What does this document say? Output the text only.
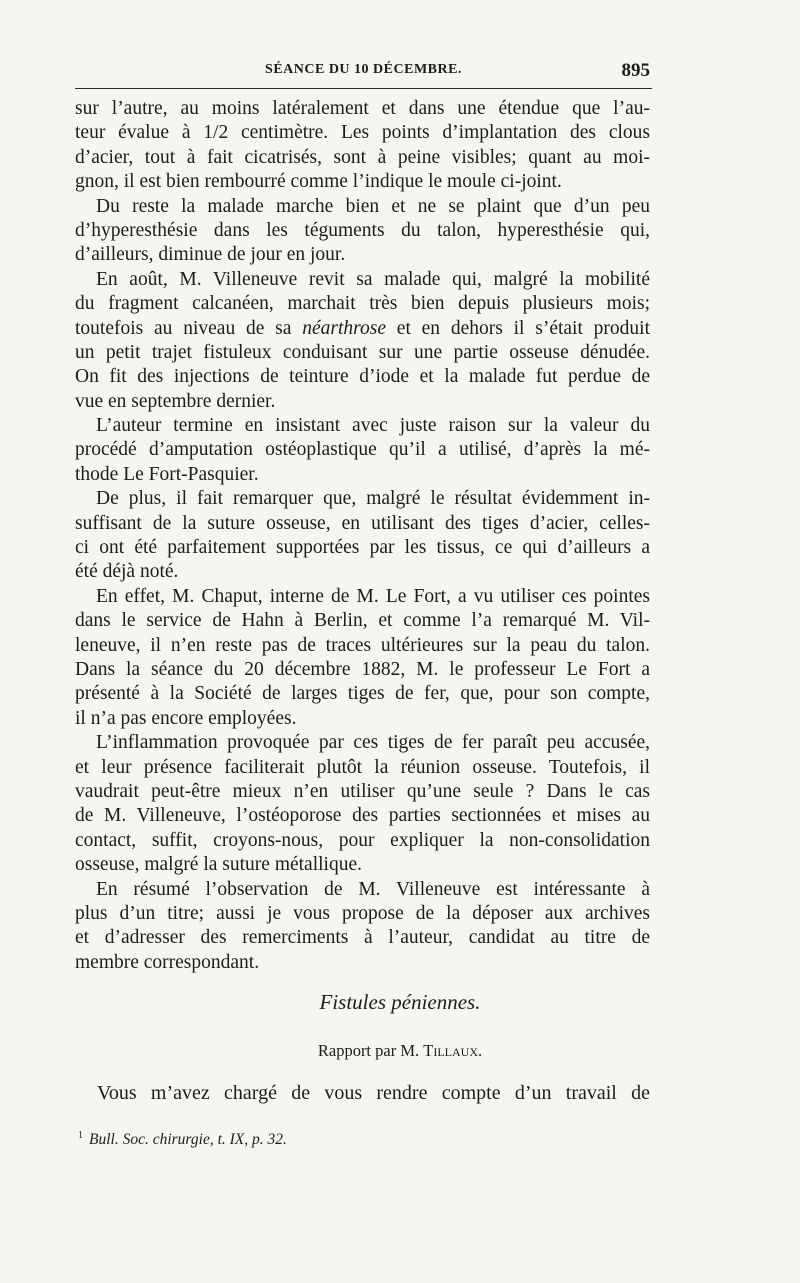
SÉANCE DU 10 DÉCEMBRE.	895
sur l’autre, au moins latéralement et dans une étendue que l’au-
teur évalue à 1/2 centimètre. Les points d’implantation des clous
d’acier, tout à fait cicatrisés, sont à peine visibles; quant au moi-
gnon, il est bien rembourré comme l’indique le moule ci-joint.
Du reste la malade marche bien et ne se plaint que d’un peu
d’hyperesthésie dans les téguments du talon, hyperesthésie qui,
d’ailleurs, diminue de jour en jour.
En août, M. Villeneuve revit sa malade qui, malgré la mobilité
du fragment calcanéen, marchait très bien depuis plusieurs mois;
toutefois au niveau de sa néarthrose et en dehors il s’était produit
un petit trajet fistuleux conduisant sur une partie osseuse dénudée.
On fit des injections de teinture d’iode et la malade fut perdue de
vue en septembre dernier.
L’auteur termine en insistant avec juste raison sur la valeur du
procédé d’amputation ostéoplastique qu’il a utilisé, d’après la mé-
thode Le Fort-Pasquier.
De plus, il fait remarquer que, malgré le résultat évidemment in-
suffisant de la suture osseuse, en utilisant des tiges d’acier, celles-
ci ont été parfaitement supportées par les tissus, ce qui d’ailleurs a
été déjà noté.
En effet, M. Chaput, interne de M. Le Fort, a vu utiliser ces pointes
dans le service de Hahn à Berlin, et comme l’a remarqué M. Vil-
leneuve, il n’en reste pas de traces ultérieures sur la peau du talon.
Dans la séance du 20 décembre 1882, M. le professeur Le Fort a
présenté à la Société de larges tiges de fer, que, pour son compte,
il n’a pas encore employées.
L’inflammation provoquée par ces tiges de fer paraît peu accusée,
et leur présence faciliterait plutôt la réunion osseuse. Toutefois, il
vaudrait peut-être mieux n’en utiliser qu’une seule ? Dans le cas
de M. Villeneuve, l’ostéoporose des parties sectionnées et mises au
contact, suffit, croyons-nous, pour expliquer la non-consolidation
osseuse, malgré la suture métallique.
En résumé l’observation de M. Villeneuve est intéressante à
plus d’un titre; aussi je vous propose de la déposer aux archives
et d’adresser des remerciments à l’auteur, candidat au titre de
membre correspondant.
Fistules péniennes.
Rapport par M. Tillaux.
Vous m’avez chargé de vous rendre compte d’un travail de
$^1$ Bull. Soc. chirurgie, t. IX, p. 32.
